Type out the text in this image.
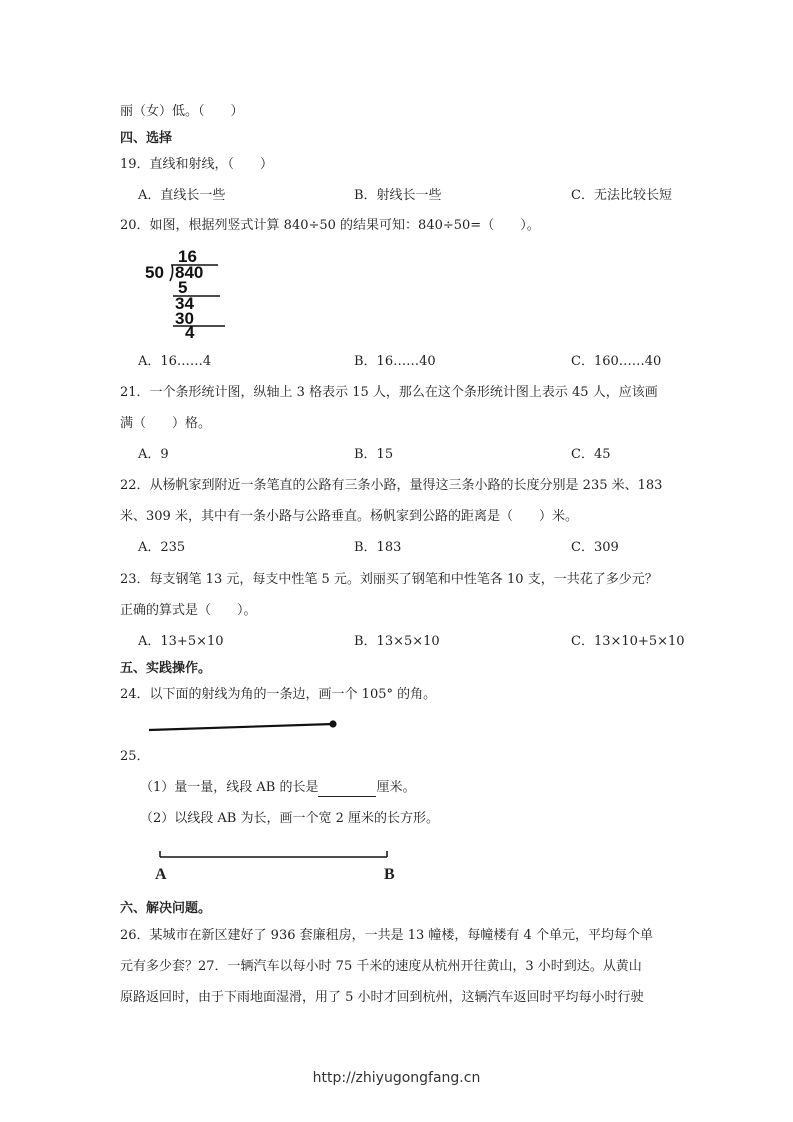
丽（女）低。（　　）
四、选择
19．直线和射线，（　　）
A．直线长一些	B．射线长一些	C．无法比较长短
20．如图，根据列竖式计算 840÷50 的结果可知：840÷50=（　　）。
16
50 840
5
34
30
4
A．16……4	B．16……40	C．160……40
21．一个条形统计图，纵轴上 3 格表示 15 人，那么在这个条形统计图上表示 45 人，应该画
满（　　）格。
A．9	B．15	C．45
22．从杨帆家到附近一条笔直的公路有三条小路，量得这三条小路的长度分别是 235 米、183
米、309 米，其中有一条小路与公路垂直。杨帆家到公路的距离是（　　）米。
A．235	B．183	C．309
23．每支钢笔 13 元，每支中性笔 5 元。刘丽买了钢笔和中性笔各 10 支，一共花了多少元？
正确的算式是（　　）。
A．13+5×10	B．13×5×10	C．13×10+5×10
五、实践操作。
24．以下面的射线为角的一条边，画一个 105° 的角。
25．
（1）量一量，线段 AB 的长是	厘米。
（2）以线段 AB 为长，画一个宽 2 厘米的长方形。
A	B
六、解决问题。
26．某城市在新区建好了 936 套廉租房，一共是 13 幢楼，每幢楼有 4 个单元，平均每个单
元有多少套？27．一辆汽车以每小时 75 千米的速度从杭州开往黄山，3 小时到达。从黄山
原路返回时，由于下雨地面湿滑，用了 5 小时才回到杭州，这辆汽车返回时平均每小时行驶
http://zhiyugongfang.cn
